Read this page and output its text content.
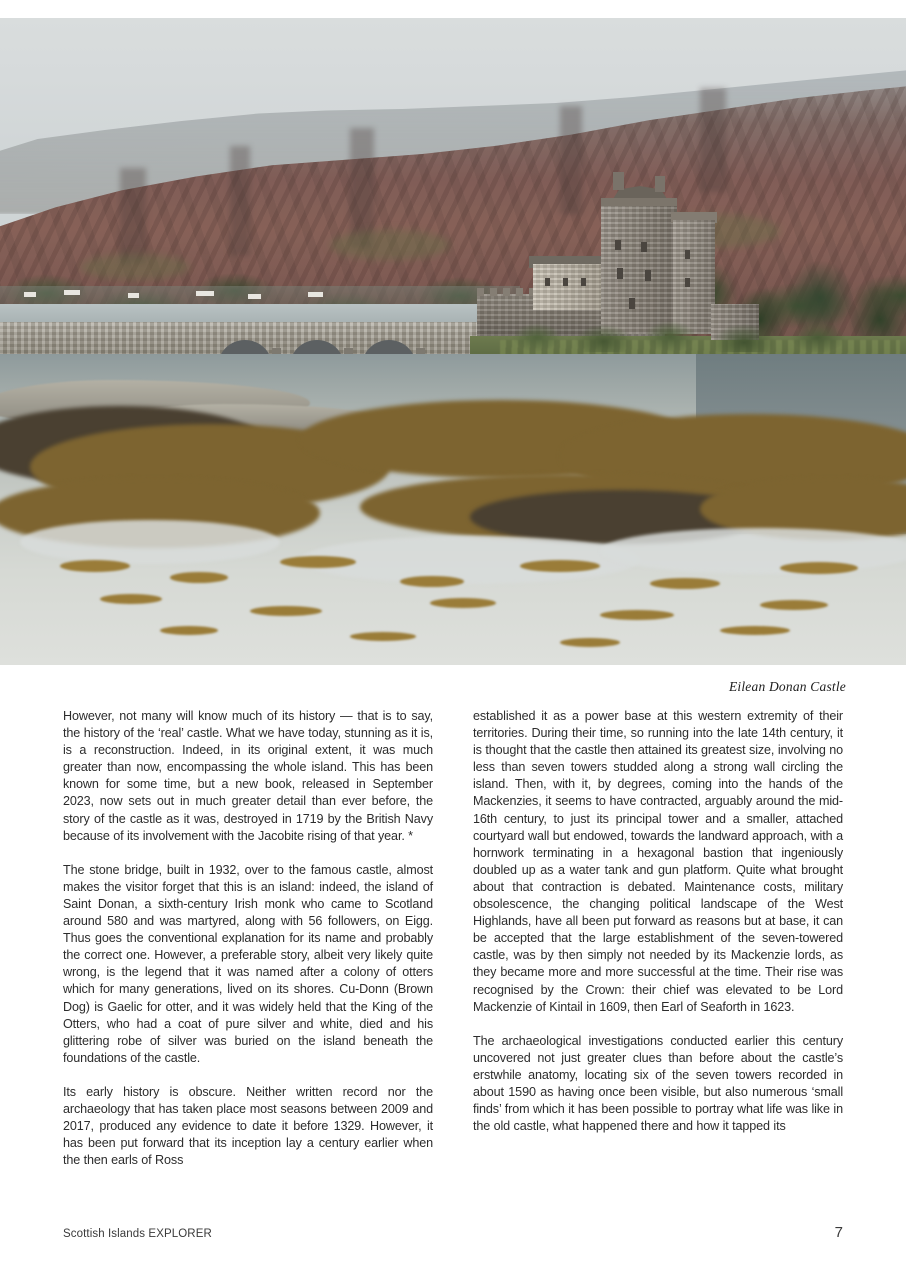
Eilean Donan Castle

However, not many will know much of its history — that is to say, the history of the ‘real’ castle. What we have today, stunning as it is, is a reconstruction. Indeed, in its original extent, it was much greater than now, encompassing the whole island. This has been known for some time, but a new book, released in September 2023, now sets out in much greater detail than ever before, the story of the castle as it was, destroyed in 1719 by the British Navy because of its involvement with the Jacobite rising of that year. *

The stone bridge, built in 1932, over to the famous castle, almost makes the visitor forget that this is an island: indeed, the island of Saint Donan, a sixth-century Irish monk who came to Scotland around 580 and was martyred, along with 56 followers, on Eigg. Thus goes the conventional explanation for its name and probably the correct one. However, a preferable story, albeit very likely quite wrong, is the legend that it was named after a colony of otters which for many generations, lived on its shores. Cu-Donn (Brown Dog) is Gaelic for otter, and it was widely held that the King of the Otters, who had a coat of pure silver and white, died and his glittering robe of silver was buried on the island beneath the foundations of the castle.

Its early history is obscure. Neither written record nor the archaeology that has taken place most seasons between 2009 and 2017, produced any evidence to date it before 1329. However, it has been put forward that its inception lay a century earlier when the then earls of Ross

established it as a power base at this western extremity of their territories. During their time, so running into the late 14th century, it is thought that the castle then attained its greatest size, involving no less than seven towers studded along a strong wall circling the island. Then, with it, by degrees, coming into the hands of the Mackenzies, it seems to have contracted, arguably around the mid-16th century, to just its principal tower and a smaller, attached courtyard wall but endowed, towards the landward approach, with a hornwork terminating in a hexagonal bastion that ingeniously doubled up as a water tank and gun platform. Quite what brought about that contraction is debated. Maintenance costs, military obsolescence, the changing political landscape of the West Highlands, have all been put forward as reasons but at base, it can be accepted that the large establishment of the seven-towered castle, was by then simply not needed by its Mackenzie lords, as they became more and more successful at the time. Their rise was recognised by the Crown: their chief was elevated to be Lord Mackenzie of Kintail in 1609, then Earl of Seaforth in 1623.

The archaeological investigations conducted earlier this century uncovered not just greater clues than before about the castle’s erstwhile anatomy, locating six of the seven towers recorded in about 1590 as having once been visible, but also numerous ‘small finds’ from which it has been possible to portray what life was like in the old castle, what happened there and how it tapped its

Scottish Islands EXPLORER	7
